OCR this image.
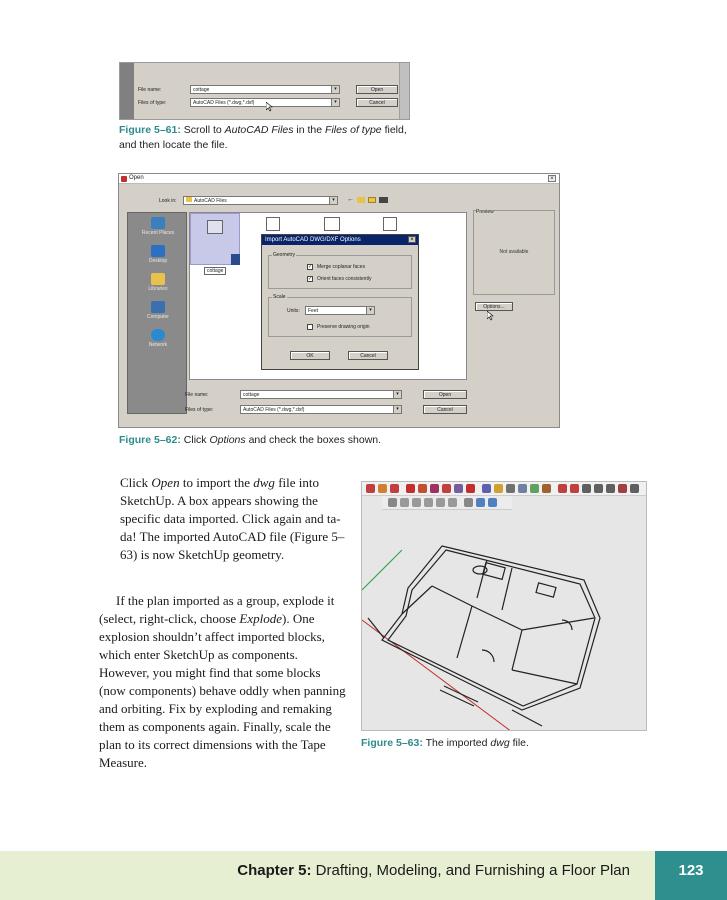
File name:	cottage	▾
Files of type:	AutoCAD Files (*.dwg,*.dxf)	▾
Open
Cancel
Figure 5–61: Scroll to AutoCAD Files in the Files of type field, and then locate the file.
Open	×
Look in:	AutoCAD Files	▾	←
Recent Places
Desktop
Libraries
Computer
Network
cottage
Preview
Not available
Options...
File name:	cottage	▾
Files of type:	AutoCAD Files (*.dwg,*.dxf)	▾
Open
Cancel
Import AutoCAD DWG/DXF Options	×
Geometry
✓ Merge coplanar faces
✓ Orient faces consistently
Scale
Units:	Feet	▾
Preserve drawing origin
OK	Cancel
Figure 5–62: Click Options and check the boxes shown.

Click Open to import the dwg file into SketchUp. A box appears showing the specific data imported. Click again and ta-da! The imported AutoCAD file (Figure 5–63) is now SketchUp geometry.

If the plan imported as a group, explode it (select, right-click, choose Explode). One explosion shouldn’t affect imported blocks, which enter SketchUp as components. However, you might find that some blocks (now components) behave oddly when panning and orbiting. Fix by exploding and remaking them as components again. Finally, scale the plan to its correct dimensions with the Tape Measure.

Figure 5–63: The imported dwg file.
Chapter 5: Drafting, Modeling, and Furnishing a Floor Plan	123
